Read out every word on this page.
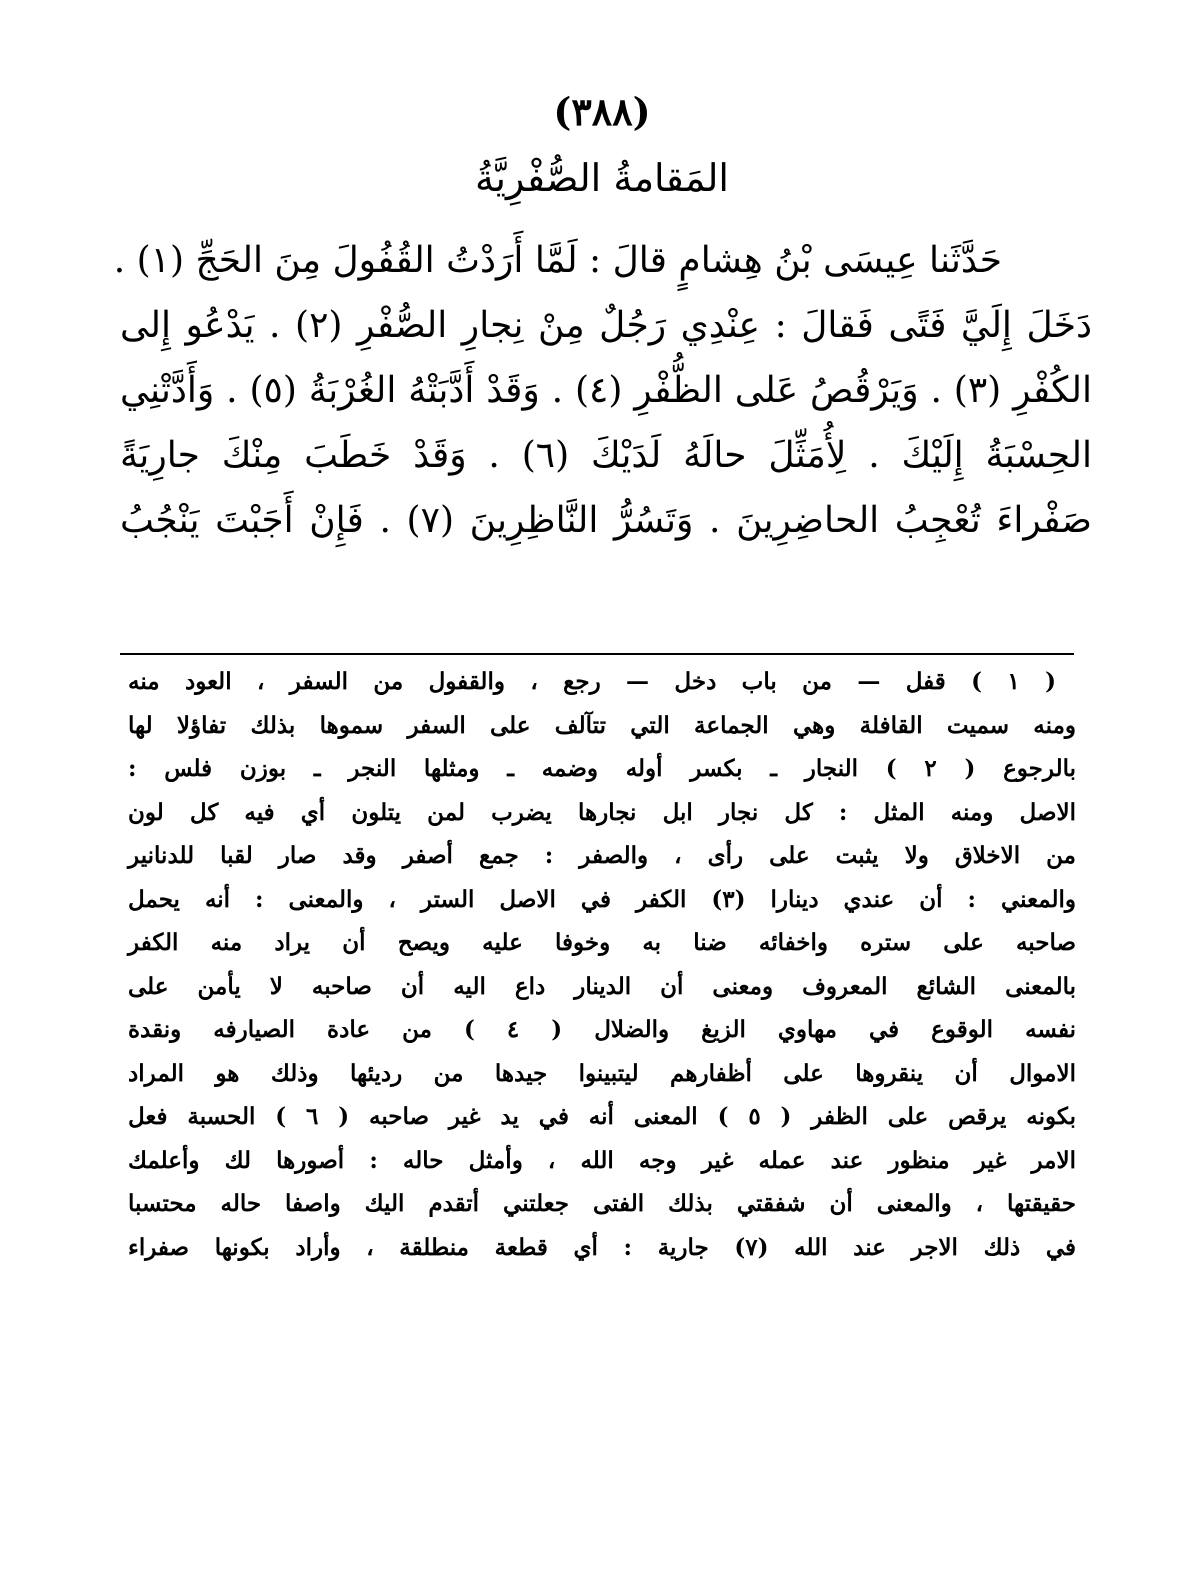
(٣٨٨)
المَقامةُ الصُّفْرِيَّةُ
حَدَّثَنا عِيسَى بْنُ هِشامٍ قالَ : لَمَّا أَرَدْتُ القُفُولَ مِنَ الحَجِّ (١) .
دَخَلَ إِلَيَّ فَتًى فَقالَ : عِنْدِي رَجُلٌ مِنْ نِجارِ الصُّفْرِ (٢) . يَدْعُو إِلى
الكُفْرِ (٣) . وَيَرْقُصُ عَلى الظُّفْرِ (٤) . وَقَدْ أَدَّبَتْهُ الغُرْبَةُ (٥) . وَأَدَّتْنِي
الحِسْبَةُ إِلَيْكَ . لِأُمَثِّلَ حالَهُ لَدَيْكَ (٦) . وَقَدْ خَطَبَ مِنْكَ جارِيَةً
صَفْراءَ تُعْجِبُ الحاضِرِينَ . وَتَسُرُّ النَّاظِرِينَ (٧) . فَإِنْ أَجَبْتَ يَنْجُبُ
( ١ ) قفل — من باب دخل — رجع ، والقفول من السفر ، العود منه
ومنه سميت القافلة وهي الجماعة التي تتآلف على السفر سموها بذلك تفاؤلا لها
بالرجوع ( ٢ ) النجار ـ بكسر أوله وضمه ـ ومثلها النجر ـ بوزن فلس :
الاصل ومنه المثل : كل نجار ابل نجارها يضرب لمن يتلون أي فيه كل لون
من الاخلاق ولا يثبت على رأى ، والصفر : جمع أصفر وقد صار لقبا للدنانير
والمعني : أن عندي دينارا (٣) الكفر في الاصل الستر ، والمعنى : أنه يحمل
صاحبه على ستره واخفائه ضنا به وخوفا عليه ويصح أن يراد منه الكفر
بالمعنى الشائع المعروف ومعنى أن الدينار داع اليه أن صاحبه لا يأمن على
نفسه الوقوع في مهاوي الزيغ والضلال ( ٤ ) من عادة الصيارفه ونقدة
الاموال أن ينقروها على أظفارهم ليتبينوا جيدها من رديئها وذلك هو المراد
بكونه يرقص على الظفر ( ٥ ) المعنى أنه في يد غير صاحبه ( ٦ ) الحسبة فعل
الامر غير منظور عند عمله غير وجه الله ، وأمثل حاله : أصورها لك وأعلمك
حقيقتها ، والمعنى أن شفقتي بذلك الفتى جعلتني أتقدم اليك واصفا حاله محتسبا
في ذلك الاجر عند الله (٧) جارية : أي قطعة منطلقة ، وأراد بكونها صفراء
